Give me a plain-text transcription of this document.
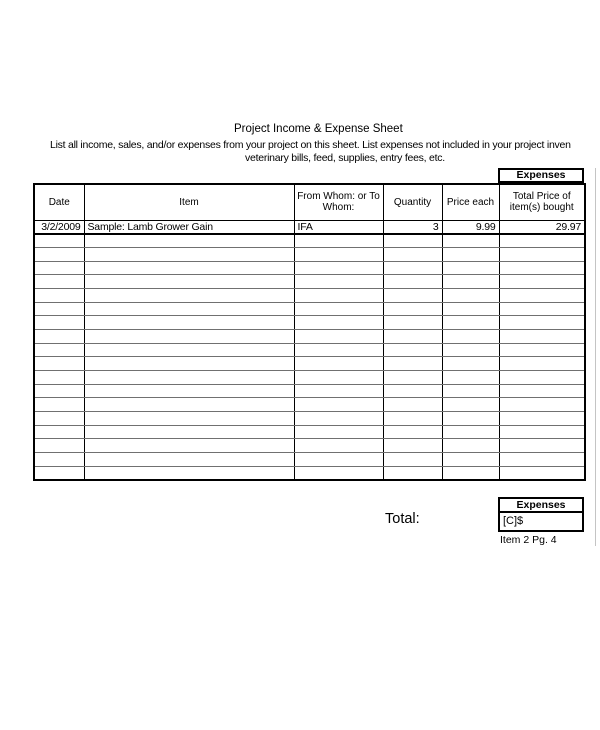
Project Income & Expense Sheet
List all income, sales, and/or expenses from your project on this sheet. List expenses not included in your project inven
veterinary bills, feed, supplies, entry fees, etc.
Expenses
Date	Item	From Whom: or To Whom:	Quantity	Price each	Total Price of item(s) bought
3/2/2009	Sample: Lamb Grower Gain	IFA	3	9.99	29.97

Total:
Expenses
[C]$
Item 2 Pg. 4
